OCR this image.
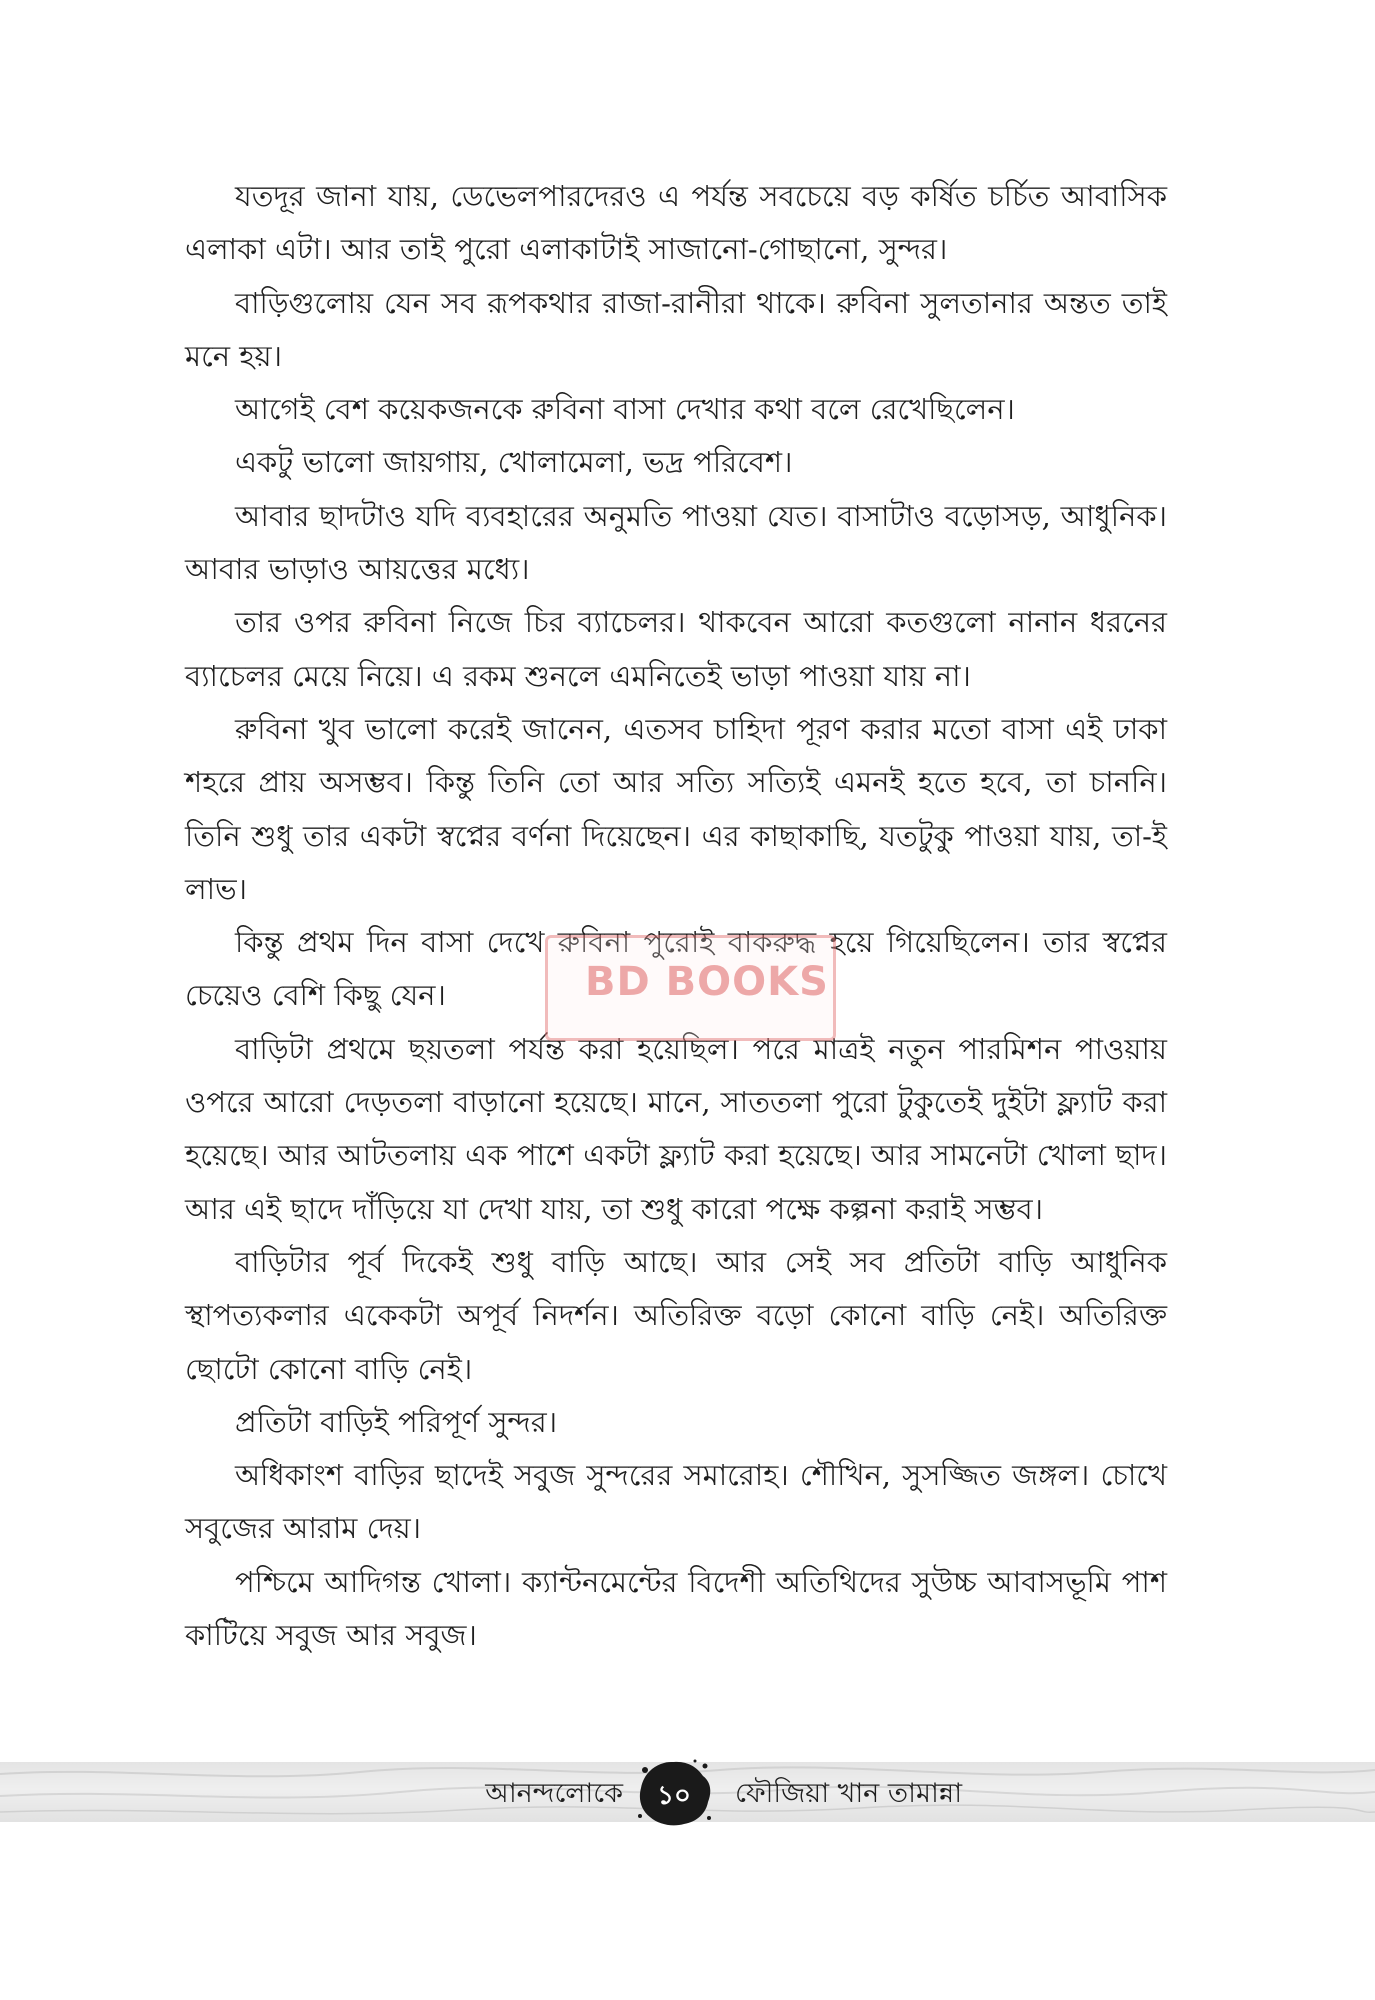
যতদূর জানা যায়, ডেভেলপারদেরও এ পর্যন্ত সবচেয়ে বড় কর্ষিত চর্চিত আবাসিক এলাকা এটা। আর তাই পুরো এলাকাটাই সাজানো-গোছানো, সুন্দর।

বাড়িগুলোয় যেন সব রূপকথার রাজা-রানীরা থাকে। রুবিনা সুলতানার অন্তত তাই মনে হয়।

আগেই বেশ কয়েকজনকে রুবিনা বাসা দেখার কথা বলে রেখেছিলেন।

একটু ভালো জায়গায়, খোলামেলা, ভদ্র পরিবেশ।

আবার ছাদটাও যদি ব্যবহারের অনুমতি পাওয়া যেত। বাসাটাও বড়োসড়, আধুনিক। আবার ভাড়াও আয়ত্তের মধ্যে।

তার ওপর রুবিনা নিজে চির ব্যাচেলর। থাকবেন আরো কতগুলো নানান ধরনের ব্যাচেলর মেয়ে নিয়ে। এ রকম শুনলে এমনিতেই ভাড়া পাওয়া যায় না।

রুবিনা খুব ভালো করেই জানেন, এতসব চাহিদা পূরণ করার মতো বাসা এই ঢাকা শহরে প্রায় অসম্ভব। কিন্তু তিনি তো আর সত্যি সত্যিই এমনই হতে হবে, তা চাননি। তিনি শুধু তার একটা স্বপ্নের বর্ণনা দিয়েছেন। এর কাছাকাছি, যতটুকু পাওয়া যায়, তা-ই লাভ।

কিন্তু প্রথম দিন বাসা দেখে রুবিনা পুরোই বাকরুদ্ধ হয়ে গিয়েছিলেন। তার স্বপ্নের চেয়েও বেশি কিছু যেন।

বাড়িটা প্রথমে ছয়তলা পর্যন্ত করা হয়েছিল। পরে মাত্রই নতুন পারমিশন পাওয়ায় ওপরে আরো দেড়তলা বাড়ানো হয়েছে। মানে, সাততলা পুরো টুকুতেই দুইটা ফ্ল্যাট করা হয়েছে। আর আটতলায় এক পাশে একটা ফ্ল্যাট করা হয়েছে। আর সামনেটা খোলা ছাদ। আর এই ছাদে দাঁড়িয়ে যা দেখা যায়, তা শুধু কারো পক্ষে কল্পনা করাই সম্ভব।

বাড়িটার পূর্ব দিকেই শুধু বাড়ি আছে। আর সেই সব প্রতিটা বাড়ি আধুনিক স্থাপত্যকলার একেকটা অপূর্ব নিদর্শন। অতিরিক্ত বড়ো কোনো বাড়ি নেই। অতিরিক্ত ছোটো কোনো বাড়ি নেই।

প্রতিটা বাড়িই পরিপূর্ণ সুন্দর।

অধিকাংশ বাড়ির ছাদেই সবুজ সুন্দরের সমারোহ। শৌখিন, সুসজ্জিত জঙ্গল। চোখে সবুজের আরাম দেয়।

পশ্চিমে আদিগন্ত খোলা। ক্যান্টনমেন্টের বিদেশী অতিথিদের সুউচ্চ আবাসভূমি পাশ কাটিয়ে সবুজ আর সবুজ।

BD BOOKS
আনন্দলোকে	১০	ফৌজিয়া খান তামান্না
